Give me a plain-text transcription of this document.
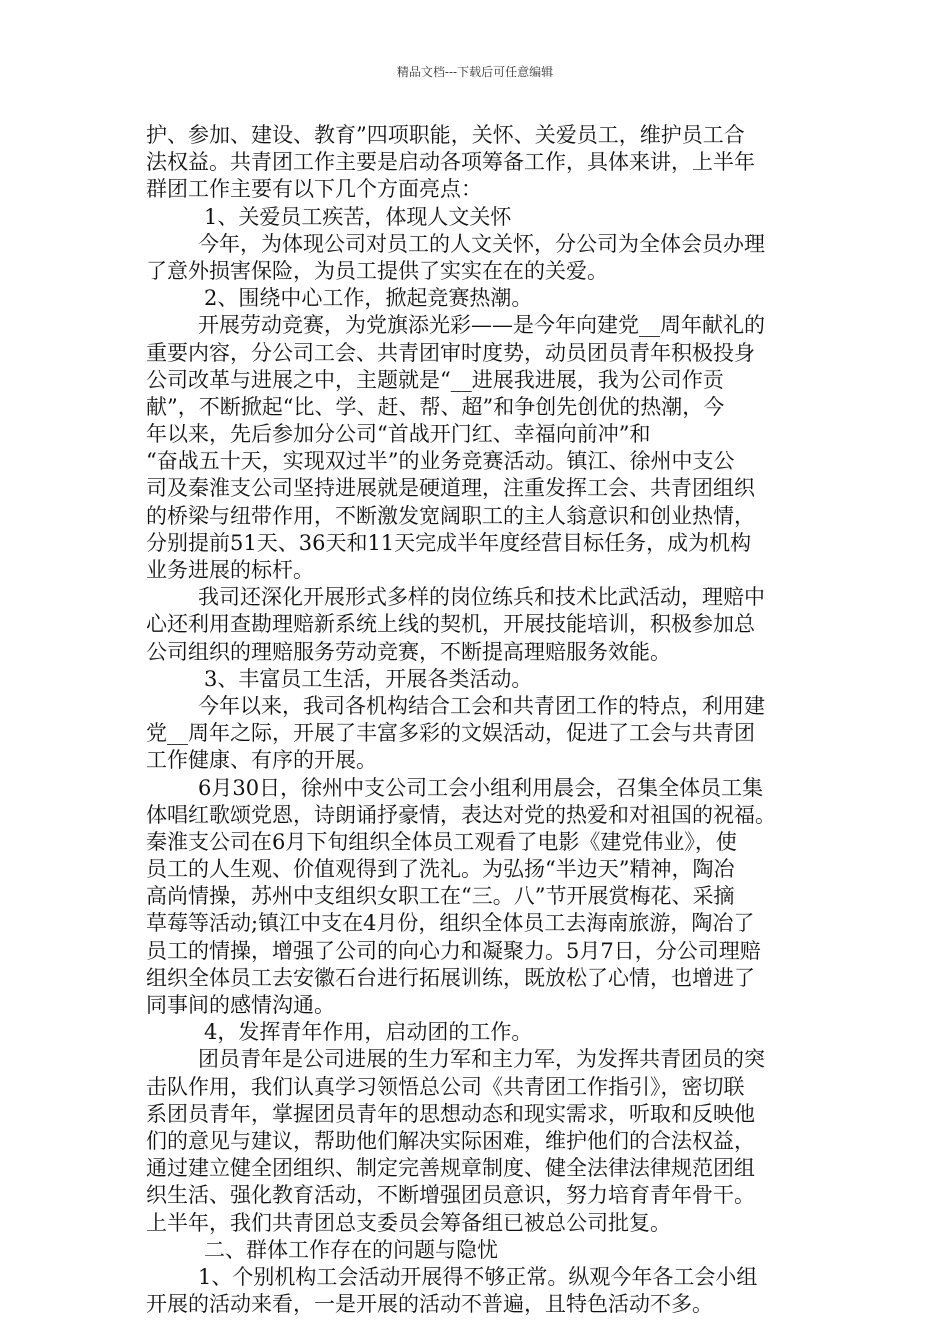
精品文档---下载后可任意编辑
护、参加、建设、教育”四项职能，关怀、关爱员工，维护员工合
法权益。共青团工作主要是启动各项筹备工作，具体来讲，上半年
群团工作主要有以下几个方面亮点：
1、关爱员工疾苦，体现人文关怀
今年，为体现公司对员工的人文关怀，分公司为全体会员办理
了意外损害保险，为员工提供了实实在在的关爱。
2、围绕中心工作，掀起竞赛热潮。
开展劳动竞赛，为党旗添光彩——是今年向建党__周年献礼的
重要内容，分公司工会、共青团审时度势，动员团员青年积极投身
公司改革与进展之中，主题就是“__进展我进展，我为公司作贡
献”，不断掀起“比、学、赶、帮、超”和争创先创优的热潮，今
年以来，先后参加分公司“首战开门红、幸福向前冲”和
“奋战五十天，实现双过半”的业务竞赛活动。镇江、徐州中支公
司及秦淮支公司坚持进展就是硬道理，注重发挥工会、共青团组织
的桥梁与纽带作用，不断激发宽阔职工的主人翁意识和创业热情，
分别提前51天、36天和11天完成半年度经营目标任务，成为机构
业务进展的标杆。
我司还深化开展形式多样的岗位练兵和技术比武活动，理赔中
心还利用查勘理赔新系统上线的契机，开展技能培训，积极参加总
公司组织的理赔服务劳动竞赛，不断提高理赔服务效能。
3、丰富员工生活，开展各类活动。
今年以来，我司各机构结合工会和共青团工作的特点，利用建
党__周年之际，开展了丰富多彩的文娱活动，促进了工会与共青团
工作健康、有序的开展。
6月30日，徐州中支公司工会小组利用晨会，召集全体员工集
体唱红歌颂党恩，诗朗诵抒豪情，表达对党的热爱和对祖国的祝福。
秦淮支公司在6月下旬组织全体员工观看了电影《建党伟业》，使
员工的人生观、价值观得到了洗礼。为弘扬“半边天”精神，陶冶
高尚情操，苏州中支组织女职工在“三。八”节开展赏梅花、采摘
草莓等活动;镇江中支在4月份，组织全体员工去海南旅游，陶冶了
员工的情操，增强了公司的向心力和凝聚力。5月7日，分公司理赔
组织全体员工去安徽石台进行拓展训练，既放松了心情，也增进了
同事间的感情沟通。
4，发挥青年作用，启动团的工作。
团员青年是公司进展的生力军和主力军，为发挥共青团员的突
击队作用，我们认真学习领悟总公司《共青团工作指引》，密切联
系团员青年，掌握团员青年的思想动态和现实需求，听取和反映他
们的意见与建议，帮助他们解决实际困难，维护他们的合法权益，
通过建立健全团组织、制定完善规章制度、健全法律法律规范团组
织生活、强化教育活动，不断增强团员意识，努力培育青年骨干。
上半年，我们共青团总支委员会筹备组已被总公司批复。
二、群体工作存在的问题与隐忧
1、个别机构工会活动开展得不够正常。纵观今年各工会小组
开展的活动来看，一是开展的活动不普遍，且特色活动不多。
